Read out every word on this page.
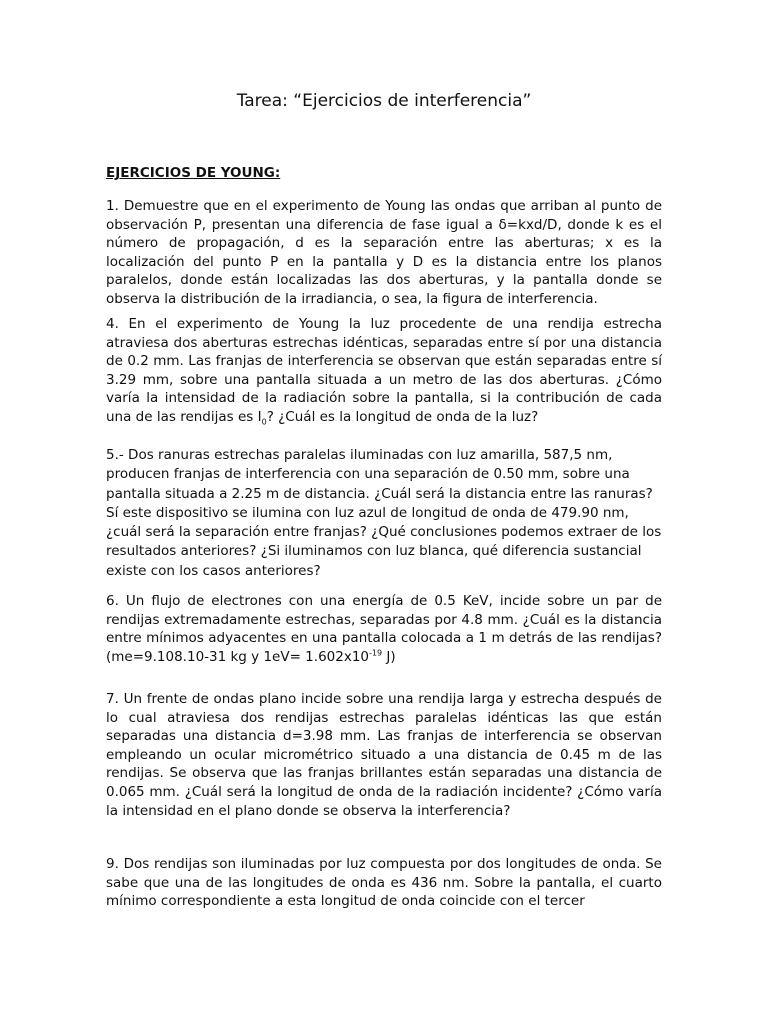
Tarea: “Ejercicios de interferencia”
EJERCICIOS DE YOUNG:

1. Demuestre que en el experimento de Young las ondas que arriban al punto de observación P, presentan una diferencia de fase igual a δ=kxd/D, donde k es el número de propagación, d es la separación entre las aberturas; x es la localización del punto P en la pantalla y D es la distancia entre los planos paralelos, donde están localizadas las dos aberturas, y la pantalla donde se observa la distribución de la irradiancia, o sea, la figura de interferencia.

4. En el experimento de Young la luz procedente de una rendija estrecha atraviesa dos aberturas estrechas idénticas, separadas entre sí por una distancia de 0.2 mm. Las franjas de interferencia se observan que están separadas entre sí 3.29 mm, sobre una pantalla situada a un metro de las dos aberturas. ¿Cómo varía la intensidad de la radiación sobre la pantalla, si la contribución de cada una de las rendijas es $I_0$? ¿Cuál es la longitud de onda de la luz?

5.- Dos ranuras estrechas paralelas iluminadas con luz amarilla, 587,5 nm, producen franjas de interferencia con una separación de 0.50 mm, sobre una pantalla situada a 2.25 m de distancia. ¿Cuál será la distancia entre las ranuras? Sí este dispositivo se ilumina con luz azul de longitud de onda de 479.90 nm, ¿cuál será la separación entre franjas? ¿Qué conclusiones podemos extraer de los resultados anteriores? ¿Si iluminamos con luz blanca, qué diferencia sustancial existe con los casos anteriores?

6. Un flujo de electrones con una energía de 0.5 KeV, incide sobre un par de rendijas extremadamente estrechas, separadas por 4.8 mm. ¿Cuál es la distancia entre mínimos adyacentes en una pantalla colocada a 1 m detrás de las rendijas? (me=9.108.10-31 kg y $1eV= 1.602x10^{-19}$ J)

7. Un frente de ondas plano incide sobre una rendija larga y estrecha después de lo cual atraviesa dos rendijas estrechas paralelas idénticas las que están separadas una distancia d=3.98 mm. Las franjas de interferencia se observan empleando un ocular micrométrico situado a una distancia de 0.45 m de las rendijas. Se observa que las franjas brillantes están separadas una distancia de 0.065 mm. ¿Cuál será la longitud de onda de la radiación incidente? ¿Cómo varía la intensidad en el plano donde se observa la interferencia?

9. Dos rendijas son iluminadas por luz compuesta por dos longitudes de onda. Se sabe que una de las longitudes de onda es 436 nm. Sobre la pantalla, el cuarto mínimo correspondiente a esta longitud de onda coincide con el tercer
